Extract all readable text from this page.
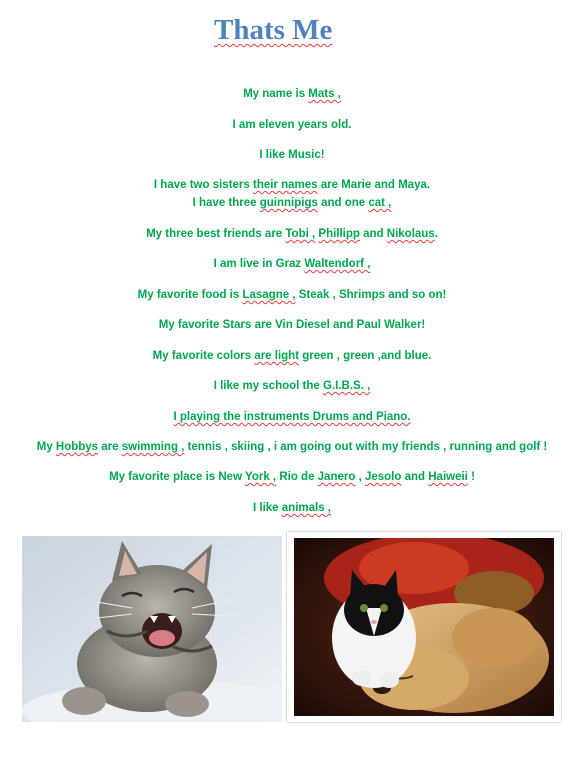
Thats Me
My name is Mats ,
I am eleven years old.
I like Music!
I have two sisters their names are Marie and Maya.
I have three guinnipigs and one cat ,
My three best friends are Tobi , Phillipp and Nikolaus.
I am live in Graz Waltendorf ,
My favorite food is Lasagne , Steak , Shrimps and so on!
My favorite Stars are Vin Diesel and Paul Walker!
My favorite colors are light green , green ,and blue.
I like my school the G.I.B.S. ,
I playing the instruments Drums and Piano.
My Hobbys are swimming , tennis , skiing , i am going out with my friends , running and golf !
My favorite place is New York , Rio de Janero , Jesolo and Haiweii !
I like animals ,
